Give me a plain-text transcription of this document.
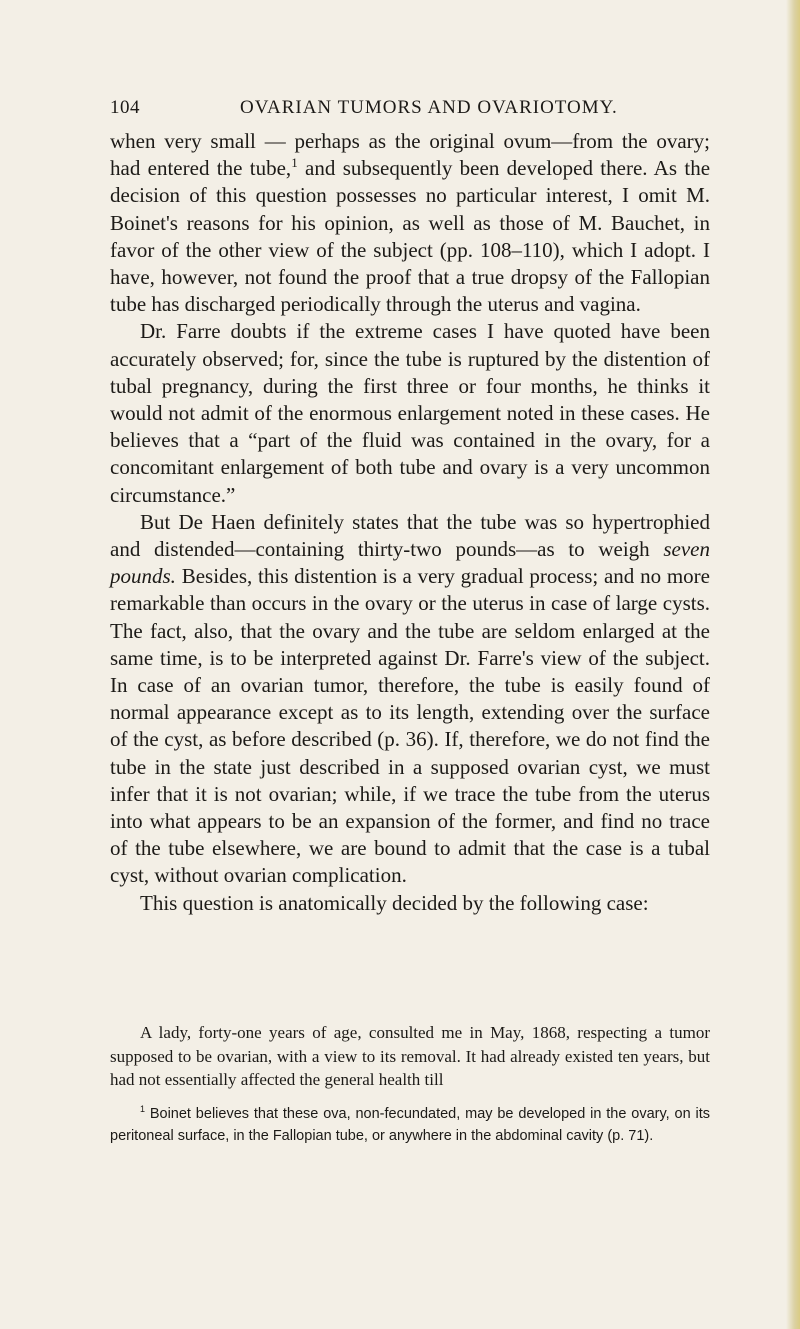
104	OVARIAN TUMORS AND OVARIOTOMY.

when very small — perhaps as the original ovum—from the ovary; had entered the tube,$^1$ and subsequently been developed there. As the decision of this question possesses no particular interest, I omit M. Boinet's reasons for his opinion, as well as those of M. Bauchet, in favor of the other view of the subject (pp. 108–110), which I adopt. I have, however, not found the proof that a true dropsy of the Fallopian tube has discharged periodically through the uterus and vagina.

Dr. Farre doubts if the extreme cases I have quoted have been accurately observed; for, since the tube is ruptured by the distention of tubal pregnancy, during the first three or four months, he thinks it would not admit of the enormous enlargement noted in these cases. He believes that a “part of the fluid was contained in the ovary, for a concomitant enlargement of both tube and ovary is a very uncommon circumstance.”

But De Haen definitely states that the tube was so hypertrophied and distended—containing thirty-two pounds—as to weigh seven pounds. Besides, this distention is a very gradual process; and no more remarkable than occurs in the ovary or the uterus in case of large cysts. The fact, also, that the ovary and the tube are seldom enlarged at the same time, is to be interpreted against Dr. Farre's view of the subject. In case of an ovarian tumor, therefore, the tube is easily found of normal appearance except as to its length, extending over the surface of the cyst, as before described (p. 36). If, therefore, we do not find the tube in the state just described in a supposed ovarian cyst, we must infer that it is not ovarian; while, if we trace the tube from the uterus into what appears to be an expansion of the former, and find no trace of the tube elsewhere, we are bound to admit that the case is a tubal cyst, without ovarian complication.

This question is anatomically decided by the following case:

A lady, forty-one years of age, consulted me in May, 1868, respecting a tumor supposed to be ovarian, with a view to its removal. It had already existed ten years, but had not essentially affected the general health till

$^1$ Boinet believes that these ova, non-fecundated, may be developed in the ovary, on its peritoneal surface, in the Fallopian tube, or anywhere in the abdominal cavity (p. 71).
